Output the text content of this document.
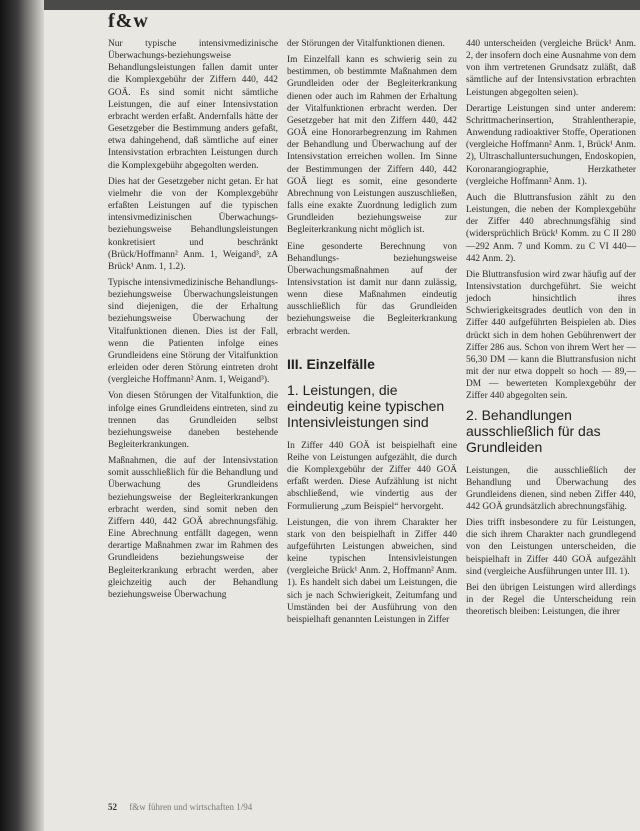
f&w

Nur typische intensivmedizinische Überwachungs-beziehungsweise Behandlungsleistungen fallen damit unter die Komplexgebühr der Ziffern 440, 442 GOÄ. Es sind somit nicht sämtliche Leistungen, die auf einer Intensivstation erbracht werden erfaßt. Andernfalls hätte der Gesetzgeber die Bestimmung anders gefaßt, etwa dahingehend, daß sämtliche auf einer Intensivstation erbrachten Leistungen durch die Komplexgebühr abgegolten werden.

Dies hat der Gesetzgeber nicht getan. Er hat vielmehr die von der Komplexgebühr erfaßten Leistungen auf die typischen intensivmedizinischen Überwachungs- beziehungsweise Behandlungsleistungen konkretisiert und beschränkt (Brück/Hoffmann² Anm. 1, Weigand³, zA Brück¹ Anm. 1, 1.2).

Typische intensivmedizinische Behandlungs- beziehungsweise Überwachungsleistungen sind diejenigen, die der Erhaltung beziehungsweise Überwachung der Vitalfunktionen dienen. Dies ist der Fall, wenn die Patienten infolge eines Grundleidens eine Störung der Vitalfunktion erleiden oder deren Störung eintreten droht (vergleiche Hoffmann² Anm. 1, Weigand³).

Von diesen Störungen der Vitalfunktion, die infolge eines Grundleidens eintreten, sind zu trennen das Grundleiden selbst beziehungsweise daneben bestehende Begleiterkrankungen.

Maßnahmen, die auf der Intensivstation somit ausschließlich für die Behandlung und Überwachung des Grundleidens beziehungsweise der Begleiterkrankungen erbracht werden, sind somit neben den Ziffern 440, 442 GOÄ abrechnungsfähig. Eine Abrechnung entfällt dagegen, wenn derartige Maßnahmen zwar im Rahmen des Grundleidens beziehungsweise der Begleiterkrankung erbracht werden, aber gleichzeitig auch der Behandlung beziehungsweise Überwachung

der Störungen der Vitalfunktionen dienen.

Im Einzelfall kann es schwierig sein zu bestimmen, ob bestimmte Maßnahmen dem Grundleiden oder der Begleiterkrankung dienen oder auch im Rahmen der Erhaltung der Vitalfunktionen erbracht werden. Der Gesetzgeber hat mit den Ziffern 440, 442 GOÄ eine Honorarbegrenzung im Rahmen der Behandlung und Überwachung auf der Intensivstation erreichen wollen. Im Sinne der Bestimmungen der Ziffern 440, 442 GOÄ liegt es somit, eine gesonderte Abrechnung von Leistungen auszuschließen, falls eine exakte Zuordnung lediglich zum Grundleiden beziehungsweise zur Begleiterkrankung nicht möglich ist.

Eine gesonderte Berechnung von Behandlungs- beziehungsweise Überwachungsmaßnahmen auf der Intensivstation ist damit nur dann zulässig, wenn diese Maßnahmen eindeutig ausschließlich für das Grundleiden beziehungsweise die Begleiterkrankung erbracht werden.

III. Einzelfälle
1. Leistungen, die eindeutig keine typischen Intensivleistungen sind

In Ziffer 440 GOÄ ist beispielhaft eine Reihe von Leistungen aufgezählt, die durch die Komplexgebühr der Ziffer 440 GOÄ erfaßt werden. Diese Aufzählung ist nicht abschließend, wie vindertig aus der Formulierung „zum Beispiel“ hervorgeht.

Leistungen, die von ihrem Charakter her stark von den beispielhaft in Ziffer 440 aufgeführten Leistungen abweichen, sind keine typischen Intensivleistungen (vergleiche Brück¹ Anm. 2, Hoffmann² Anm. 1). Es handelt sich dabei um Leistungen, die sich je nach Schwierigkeit, Zeitumfang und Umständen bei der Ausführung von den beispielhaft genannten Leistungen in Ziffer

440 unterscheiden (vergleiche Brück¹ Anm. 2, der insofern doch eine Ausnahme von dem von ihm vertretenen Grundsatz zuläßt, daß sämtliche auf der Intensivstation erbrachten Leistungen abgegolten seien).

Derartige Leistungen sind unter anderem: Schrittmacherinsertion, Strahlentherapie, Anwendung radioaktiver Stoffe, Operationen (vergleiche Hoffmann² Anm. 1, Brück¹ Anm. 2), Ultraschalluntersuchungen, Endoskopien, Koronarangiographie, Herzkatheter (vergleiche Hoffmann² Anm. 1).

Auch die Bluttransfusion zählt zu den Leistungen, die neben der Komplexgebühr der Ziffer 440 abrechnungsfähig sind (widersprüchlich Brück¹ Komm. zu C II 280—292 Anm. 7 und Komm. zu C VI 440—442 Anm. 2).

Die Bluttransfusion wird zwar häufig auf der Intensivstation durchgeführt. Sie weicht jedoch hinsichtlich ihres Schwierigkeitsgrades deutlich von den in Ziffer 440 aufgeführten Beispielen ab. Dies drückt sich in dem hohen Gebührenwert der Ziffer 286 aus. Schon von ihrem Wert her — 56,30 DM — kann die Bluttransfusion nicht mit der nur etwa doppelt so hoch — 89,— DM — bewerteten Komplexgebühr der Ziffer 440 abgegolten sein.

2. Behandlungen ausschließlich für das Grundleiden

Leistungen, die ausschließlich der Behandlung und Überwachung des Grundleidens dienen, sind neben Ziffer 440, 442 GOÄ grundsätzlich abrechnungsfähig.

Dies trifft insbesondere zu für Leistungen, die sich ihrem Charakter nach grundlegend von den Leistungen unterscheiden, die beispielhaft in Ziffer 440 GOÄ aufgezählt sind (vergleiche Ausführungen unter III. 1).

Bei den übrigen Leistungen wird allerdings in der Regel die Unterscheidung rein theoretisch bleiben: Leistungen, die ihrer

52 f&w führen und wirtschaften 1/94
